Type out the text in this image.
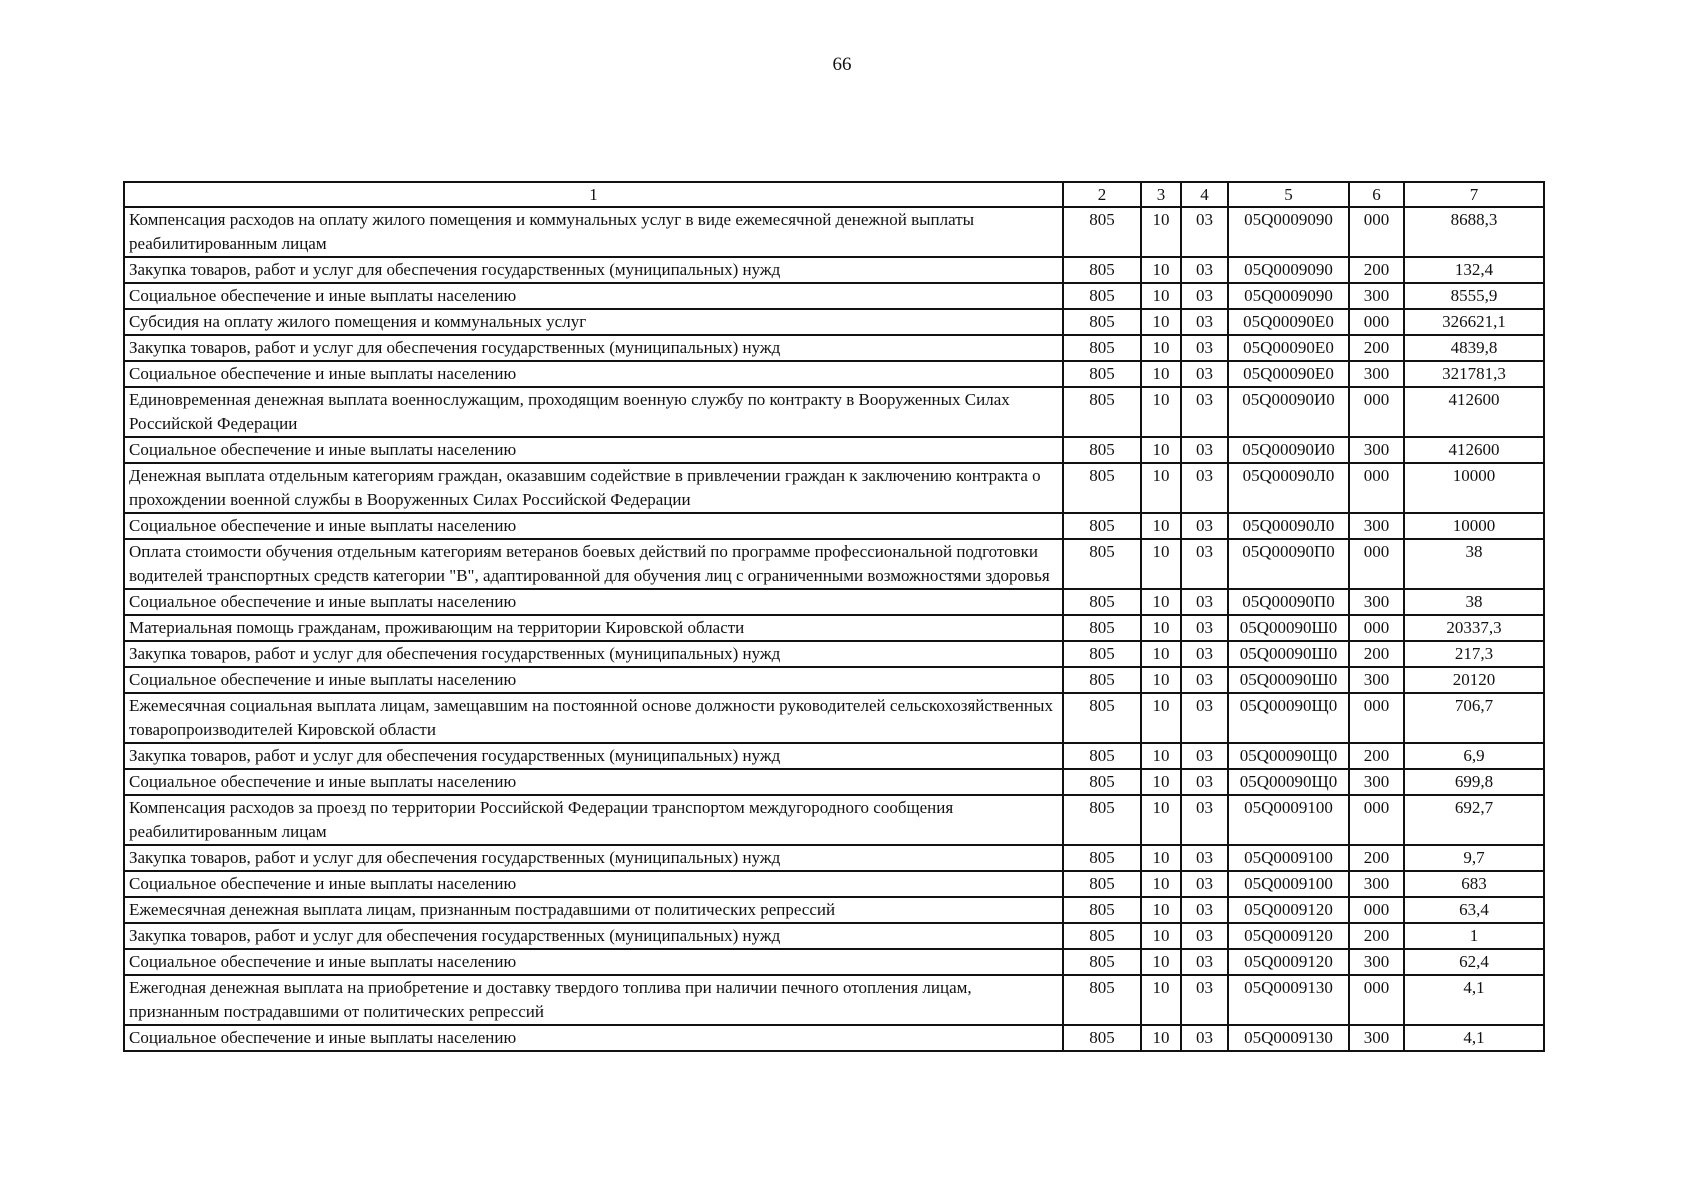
66
1	2	3	4	5	6	7
Компенсация расходов на оплату жилого помещения и коммунальных услуг в виде ежемесячной денежной выплаты реабилитированным лицам	805	10	03	05Q0009090	000	8688,3
Закупка товаров, работ и услуг для обеспечения государственных (муниципальных) нужд	805	10	03	05Q0009090	200	132,4
Социальное обеспечение и иные выплаты населению	805	10	03	05Q0009090	300	8555,9
Субсидия на оплату жилого помещения и коммунальных услуг	805	10	03	05Q00090E0	000	326621,1
Закупка товаров, работ и услуг для обеспечения государственных (муниципальных) нужд	805	10	03	05Q00090E0	200	4839,8
Социальное обеспечение и иные выплаты населению	805	10	03	05Q00090E0	300	321781,3
Единовременная денежная выплата военнослужащим, проходящим военную службу по контракту в Вооруженных Силах Российской Федерации	805	10	03	05Q00090И0	000	412600
Социальное обеспечение и иные выплаты населению	805	10	03	05Q00090И0	300	412600
Денежная выплата отдельным категориям граждан, оказавшим содействие в привлечении граждан к заключению контракта о прохождении военной службы в Вооруженных Силах Российской Федерации	805	10	03	05Q00090Л0	000	10000
Социальное обеспечение и иные выплаты населению	805	10	03	05Q00090Л0	300	10000
Оплата стоимости обучения отдельным категориям ветеранов боевых действий по программе профессиональной подготовки водителей транспортных средств категории "B", адаптированной для обучения лиц с ограниченными возможностями здоровья	805	10	03	05Q00090П0	000	38
Социальное обеспечение и иные выплаты населению	805	10	03	05Q00090П0	300	38
Материальная помощь гражданам, проживающим на территории Кировской области	805	10	03	05Q00090Ш0	000	20337,3
Закупка товаров, работ и услуг для обеспечения государственных (муниципальных) нужд	805	10	03	05Q00090Ш0	200	217,3
Социальное обеспечение и иные выплаты населению	805	10	03	05Q00090Ш0	300	20120
Ежемесячная социальная выплата лицам, замещавшим на постоянной основе должности руководителей сельскохозяйственных товаропроизводителей Кировской области	805	10	03	05Q00090Щ0	000	706,7
Закупка товаров, работ и услуг для обеспечения государственных (муниципальных) нужд	805	10	03	05Q00090Щ0	200	6,9
Социальное обеспечение и иные выплаты населению	805	10	03	05Q00090Щ0	300	699,8
Компенсация расходов за проезд по территории Российской Федерации транспортом междугородного сообщения реабилитированным лицам	805	10	03	05Q0009100	000	692,7
Закупка товаров, работ и услуг для обеспечения государственных (муниципальных) нужд	805	10	03	05Q0009100	200	9,7
Социальное обеспечение и иные выплаты населению	805	10	03	05Q0009100	300	683
Ежемесячная денежная выплата лицам, признанным пострадавшими от политических репрессий	805	10	03	05Q0009120	000	63,4
Закупка товаров, работ и услуг для обеспечения государственных (муниципальных) нужд	805	10	03	05Q0009120	200	1
Социальное обеспечение и иные выплаты населению	805	10	03	05Q0009120	300	62,4
Ежегодная денежная выплата на приобретение и доставку твердого топлива при наличии печного отопления лицам, признанным пострадавшими от политических репрессий	805	10	03	05Q0009130	000	4,1
Социальное обеспечение и иные выплаты населению	805	10	03	05Q0009130	300	4,1
